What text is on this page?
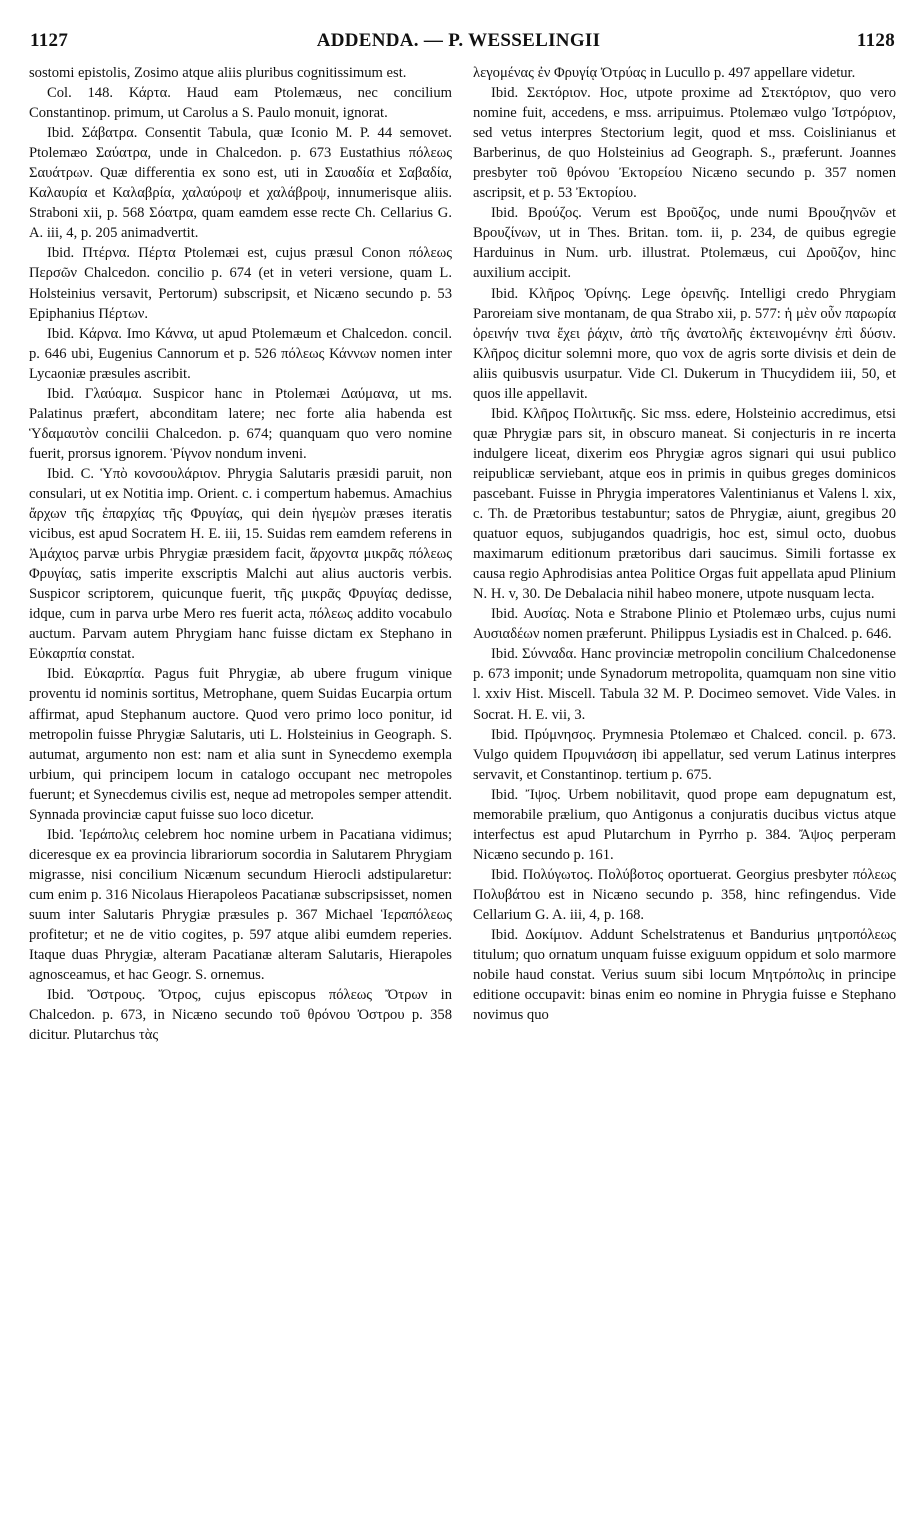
1127	ADDENDA. — P. WESSELINGII	1128

sostomi epistolis, Zosimo atque aliis pluribus cognitissimum est.

Col. 148. Κάρτα. Haud eam Ptolemæus, nec concilium Constantinop. primum, ut Carolus a S. Paulo monuit, ignorat.

Ibid. Σάβατρα. Consentit Tabula, quæ Iconio M. P. 44 semovet. Ptolemæo Σαύατρα, unde in Chalcedon. p. 673 Eustathius πόλεως Σαυάτρων. Quæ differentia ex sono est, uti in Σαυαδία et Σαβαδία, Καλαυρία et Καλαβρία, χαλαύροψ et χαλάβροψ, innumerisque aliis. Straboni xii, p. 568 Σόατρα, quam eamdem esse recte Ch. Cellarius G. A. iii, 4, p. 205 animadvertit.

Ibid. Πτέρνα. Πέρτα Ptolemæi est, cujus præsul Conon πόλεως Περσῶν Chalcedon. concilio p. 674 (et in veteri versione, quam L. Holsteinius versavit, Pertorum) subscripsit, et Nicæno secundo p. 53 Epiphanius Πέρτων.

Ibid. Κάρνα. Imo Κάννα, ut apud Ptolemæum et Chalcedon. concil. p. 646 ubi, Eugenius Cannorum et p. 526 πόλεως Κάννων nomen inter Lycaoniæ præsules ascribit.

Ibid. Γλαύαμα. Suspicor hanc in Ptolemæi Δαύμανα, ut ms. Palatinus præfert, abconditam latere; nec forte alia habenda est Ὑδαμαυτὸν concilii Chalcedon. p. 674; quanquam quo vero nomine fuerit, prorsus ignorem. Ῥίγνον nondum inveni.

Ibid. C. Ὑπὸ κονσουλάριον. Phrygia Salutaris præsidi paruit, non consulari, ut ex Notitia imp. Orient. c. i compertum habemus. Amachius ἄρχων τῆς ἐπαρχίας τῆς Φρυγίας, qui dein ἡγεμὼν præses iteratis vicibus, est apud Socratem H. E. iii, 15. Suidas rem eamdem referens in Ἀμάχιος parvæ urbis Phrygiæ præsidem facit, ἄρχοντα μικρᾶς πόλεως Φρυγίας, satis imperite exscriptis Malchi aut alius auctoris verbis. Suspicor scriptorem, quicunque fuerit, τῆς μικρᾶς Φρυγίας dedisse, idque, cum in parva urbe Mero res fuerit acta, πόλεως addito vocabulo auctum. Parvam autem Phrygiam hanc fuisse dictam ex Stephano in Εὐκαρπία constat.

Ibid. Εὐκαρπία. Pagus fuit Phrygiæ, ab ubere frugum vinique proventu id nominis sortitus, Metrophane, quem Suidas Eucarpia ortum affirmat, apud Stephanum auctore. Quod vero primo loco ponitur, id metropolin fuisse Phrygiæ Salutaris, uti L. Holsteinius in Geograph. S. autumat, argumento non est: nam et alia sunt in Synecdemo exempla urbium, qui principem locum in catalogo occupant nec metropoles fuerunt; et Synecdemus civilis est, neque ad metropoles semper attendit. Synnada provinciæ caput fuisse suo loco dicetur.

Ibid. Ἱεράπολις celebrem hoc nomine urbem in Pacatiana vidimus; diceresque ex ea provincia librariorum socordia in Salutarem Phrygiam migrasse, nisi concilium Nicænum secundum Hierocli adstipularetur: cum enim p. 316 Nicolaus Hierapoleos Pacatianæ subscripsisset, nomen suum inter Salutaris Phrygiæ præsules p. 367 Michael Ἱεραπόλεως profitetur; et ne de vitio cogites, p. 597 atque alibi eumdem reperies. Itaque duas Phrygiæ, alteram Pacatianæ alteram Salutaris, Hierapoles agnosceamus, et hac Geogr. S. ornemus.

Ibid. Ὄστρους. Ὄτρος, cujus episcopus πόλεως Ὄτρων in Chalcedon. p. 673, in Nicæno secundo τοῦ θρόνου Ὀστρου p. 358 dicitur. Plutarchus τὰς

λεγομένας ἐν Φρυγίᾳ Ὀτρύας in Lucullo p. 497 appellare videtur.

Ibid. Σεκτόριον. Hoc, utpote proxime ad Στεκτόριον, quo vero nomine fuit, accedens, e mss. arripuimus. Ptolemæo vulgo Ἰστρόριον, sed vetus interpres Stectorium legit, quod et mss. Coislinianus et Barberinus, de quo Holsteinius ad Geograph. S., præferunt. Joannes presbyter τοῦ θρόνου Ἐκτορείου Nicæno secundo p. 357 nomen ascripsit, et p. 53 Ἐκτορίου.

Ibid. Βρούζος. Verum est Βροῦζος, unde numi Βρουζηνῶν et Βρουζίνων, ut in Thes. Britan. tom. ii, p. 234, de quibus egregie Harduinus in Num. urb. illustrat. Ptolemæus, cui Δροῦζον, hinc auxilium accipit.

Ibid. Κλῆρος Ὀρίνης. Lege ὀρεινῆς. Intelligi credo Phrygiam Paroreiam sive montanam, de qua Strabo xii, p. 577: ἡ μὲν οὖν παρωρία ὀρεινήν τινα ἔχει ῥάχιν, ἀπὸ τῆς ἀνατολῆς ἐκτεινομένην ἐπὶ δύσιν. Κλῆρος dicitur solemni more, quo vox de agris sorte divisis et dein de aliis quibusvis usurpatur. Vide Cl. Dukerum in Thucydidem iii, 50, et quos ille appellavit.

Ibid. Κλῆρος Πολιτικῆς. Sic mss. edere, Holsteinio accredimus, etsi quæ Phrygiæ pars sit, in obscuro maneat. Si conjecturis in re incerta indulgere liceat, dixerim eos Phrygiæ agros signari qui usui publico reipublicæ serviebant, atque eos in primis in quibus greges dominicos pascebant. Fuisse in Phrygia imperatores Valentinianus et Valens l. xix, c. Th. de Prætoribus testabuntur; satos de Phrygiæ, aiunt, gregibus 20 quatuor equos, subjugandos quadrigis, hoc est, simul octo, duobus maximarum editionum prætoribus dari saucimus. Simili fortasse ex causa regio Aphrodisias antea Politice Orgas fuit appellata apud Plinium N. H. v, 30. De Debalacia nihil habeo monere, utpote nusquam lecta.

Ibid. Αυσίας. Nota e Strabone Plinio et Ptolemæo urbs, cujus numi Αυσιαδέων nomen præferunt. Philippus Lysiadis est in Chalced. p. 646.

Ibid. Σύνναδα. Hanc provinciæ metropolin concilium Chalcedonense p. 673 imponit; unde Synadorum metropolita, quamquam non sine vitio l. xxiv Hist. Miscell. Tabula 32 M. P. Docimeo semovet. Vide Vales. in Socrat. H. E. vii, 3.

Ibid. Πρύμνησος. Prymnesia Ptolemæo et Chalced. concil. p. 673. Vulgo quidem Πρυμνιάσση ibi appellatur, sed verum Latinus interpres servavit, et Constantinop. tertium p. 675.

Ibid. Ἴψος. Urbem nobilitavit, quod prope eam depugnatum est, memorabile prælium, quo Antigonus a conjuratis ducibus victus atque interfectus est apud Plutarchum in Pyrrho p. 384. Ἄψος perperam Nicæno secundo p. 161.

Ibid. Πολύγωτος. Πολύβοτος oportuerat. Georgius presbyter πόλεως Πολυβάτου est in Nicæno secundo p. 358, hinc refingendus. Vide Cellarium G. A. iii, 4, p. 168.

Ibid. Δοκίμιον. Addunt Schelstratenus et Bandurius μητροπόλεως titulum; quo ornatum unquam fuisse exiguum oppidum et solo marmore nobile haud constat. Verius suum sibi locum Μητρόπολις in principe editione occupavit: binas enim eo nomine in Phrygia fuisse e Stephano novimus quo
